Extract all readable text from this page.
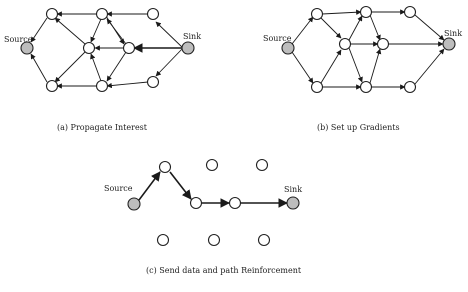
Source	Sink
(a) Propagate Interest
Source
Sink
(b) Set up Gradients
Source	Sink
(c) Send data and path Reinforcement
